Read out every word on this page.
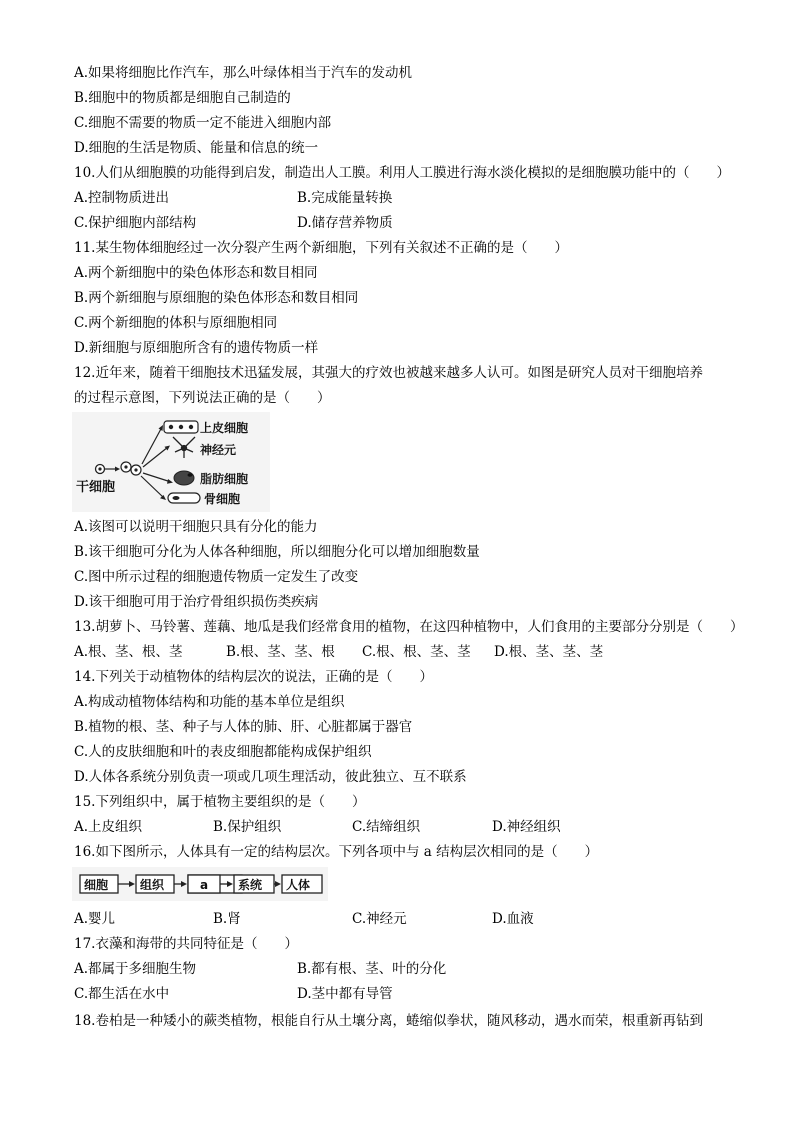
A.如果将细胞比作汽车，那么叶绿体相当于汽车的发动机
B.细胞中的物质都是细胞自己制造的
C.细胞不需要的物质一定不能进入细胞内部
D.细胞的生活是物质、能量和信息的统一
10.人们从细胞膜的功能得到启发，制造出人工膜。利用人工膜进行海水淡化模拟的是细胞膜功能中的（　　）
A.控制物质进出	B.完成能量转换
C.保护细胞内部结构	D.储存营养物质
11.某生物体细胞经过一次分裂产生两个新细胞，下列有关叙述不正确的是（　　）
A.两个新细胞中的染色体形态和数目相同
B.两个新细胞与原细胞的染色体形态和数目相同
C.两个新细胞的体积与原细胞相同
D.新细胞与原细胞所含有的遗传物质一样
12.近年来，随着干细胞技术迅猛发展，其强大的疗效也被越来越多人认可。如图是研究人员对干细胞培养
的过程示意图，下列说法正确的是（　　）
干细胞
上皮细胞
神经元
脂肪细胞
骨细胞
A.该图可以说明干细胞只具有分化的能力
B.该干细胞可分化为人体各种细胞，所以细胞分化可以增加细胞数量
C.图中所示过程的细胞遗传物质一定发生了改变
D.该干细胞可用于治疗骨组织损伤类疾病
13.胡萝卜、马铃薯、莲藕、地瓜是我们经常食用的植物，在这四种植物中，人们食用的主要部分分别是（　　）
A.根、茎、根、茎	B.根、茎、茎、根 C.根、根、茎、茎 D.根、茎、茎、茎
14.下列关于动植物体的结构层次的说法，正确的是（　　）
A.构成动植物体结构和功能的基本单位是组织
B.植物的根、茎、种子与人体的肺、肝、心脏都属于器官
C.人的皮肤细胞和叶的表皮细胞都能构成保护组织
D.人体各系统分别负责一项或几项生理活动，彼此独立、互不联系
15.下列组织中，属于植物主要组织的是（　　）
A.上皮组织	B.保护组织	C.结缔组织	D.神经组织
16.如下图所示，人体具有一定的结构层次。下列各项中与 a 结构层次相同的是（　　）
细胞	组织	a 系统 人体
A.婴儿	B.肾	C.神经元	D.血液
17.衣藻和海带的共同特征是（　　）
A.都属于多细胞生物	B.都有根、茎、叶的分化
C.都生活在水中	D.茎中都有导管
18.卷柏是一种矮小的蕨类植物，根能自行从土壤分离，蜷缩似拳状，随风移动，遇水而荣，根重新再钻到
